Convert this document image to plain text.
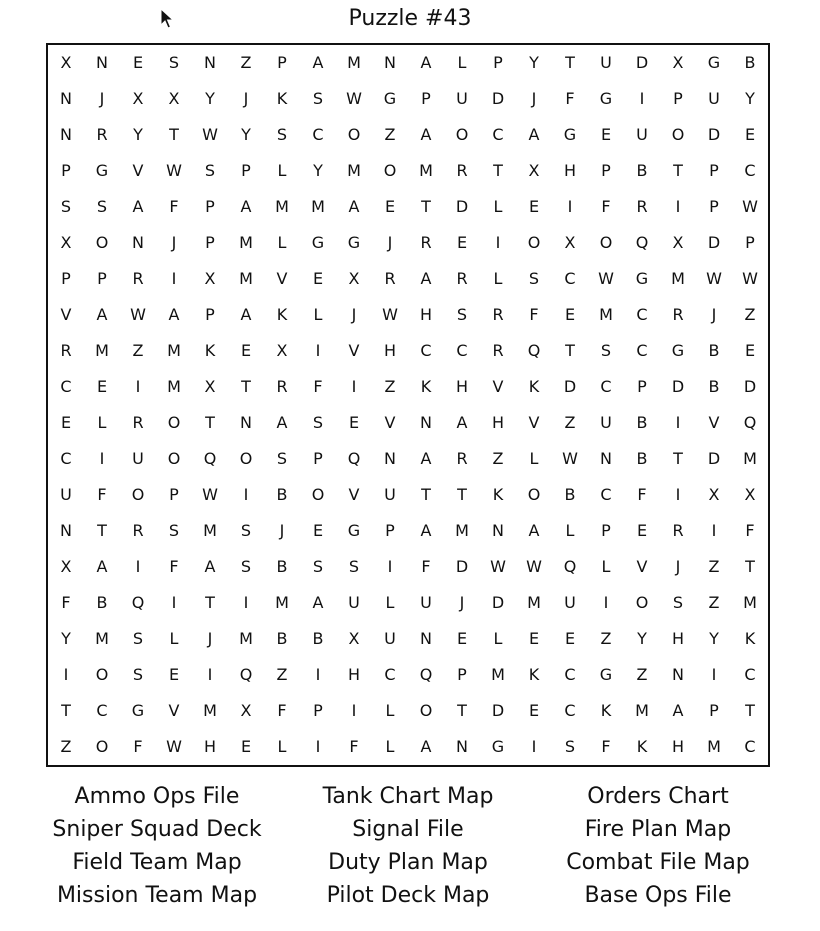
Puzzle #43
X	N	E	S	N	Z	P	A	M	N	A	L	P	Y	T	U	D	X	G	B
N	J	X	X	Y	J	K	S	W	G	P	U	D	J	F	G	I	P	U	Y
N	R	Y	T	W	Y	S	C	O	Z	A	O	C	A	G	E	U	O	D	E
P	G	V	W	S	P	L	Y	M	O	M	R	T	X	H	P	B	T	P	C
S	S	A	F	P	A	M	M	A	E	T	D	L	E	I	F	R	I	P	W
X	O	N	J	P	M	L	G	G	J	R	E	I	O	X	O	Q	X	D	P
P	P	R	I	X	M	V	E	X	R	A	R	L	S	C	W	G	M	W	W
V	A	W	A	P	A	K	L	J	W	H	S	R	F	E	M	C	R	J	Z
R	M	Z	M	K	E	X	I	V	H	C	C	R	Q	T	S	C	G	B	E
C	E	I	M	X	T	R	F	I	Z	K	H	V	K	D	C	P	D	B	D
E	L	R	O	T	N	A	S	E	V	N	A	H	V	Z	U	B	I	V	Q
C	I	U	O	Q	O	S	P	Q	N	A	R	Z	L	W	N	B	T	D	M
U	F	O	P	W	I	B	O	V	U	T	T	K	O	B	C	F	I	X	X
N	T	R	S	M	S	J	E	G	P	A	M	N	A	L	P	E	R	I	F
X	A	I	F	A	S	B	S	S	I	F	D	W	W	Q	L	V	J	Z	T
F	B	Q	I	T	I	M	A	U	L	U	J	D	M	U	I	O	S	Z	M
Y	M	S	L	J	M	B	B	X	U	N	E	L	E	E	Z	Y	H	Y	K
I	O	S	E	I	Q	Z	I	H	C	Q	P	M	K	C	G	Z	N	I	C
T	C	G	V	M	X	F	P	I	L	O	T	D	E	C	K	M	A	P	T
Z	O	F	W	H	E	L	I	F	L	A	N	G	I	S	F	K	H	M	C
Ammo Ops File
Sniper Squad Deck
Field Team Map
Mission Team Map
Tank Chart Map
Signal File
Duty Plan Map
Pilot Deck Map
Orders Chart
Fire Plan Map
Combat File Map
Base Ops File
